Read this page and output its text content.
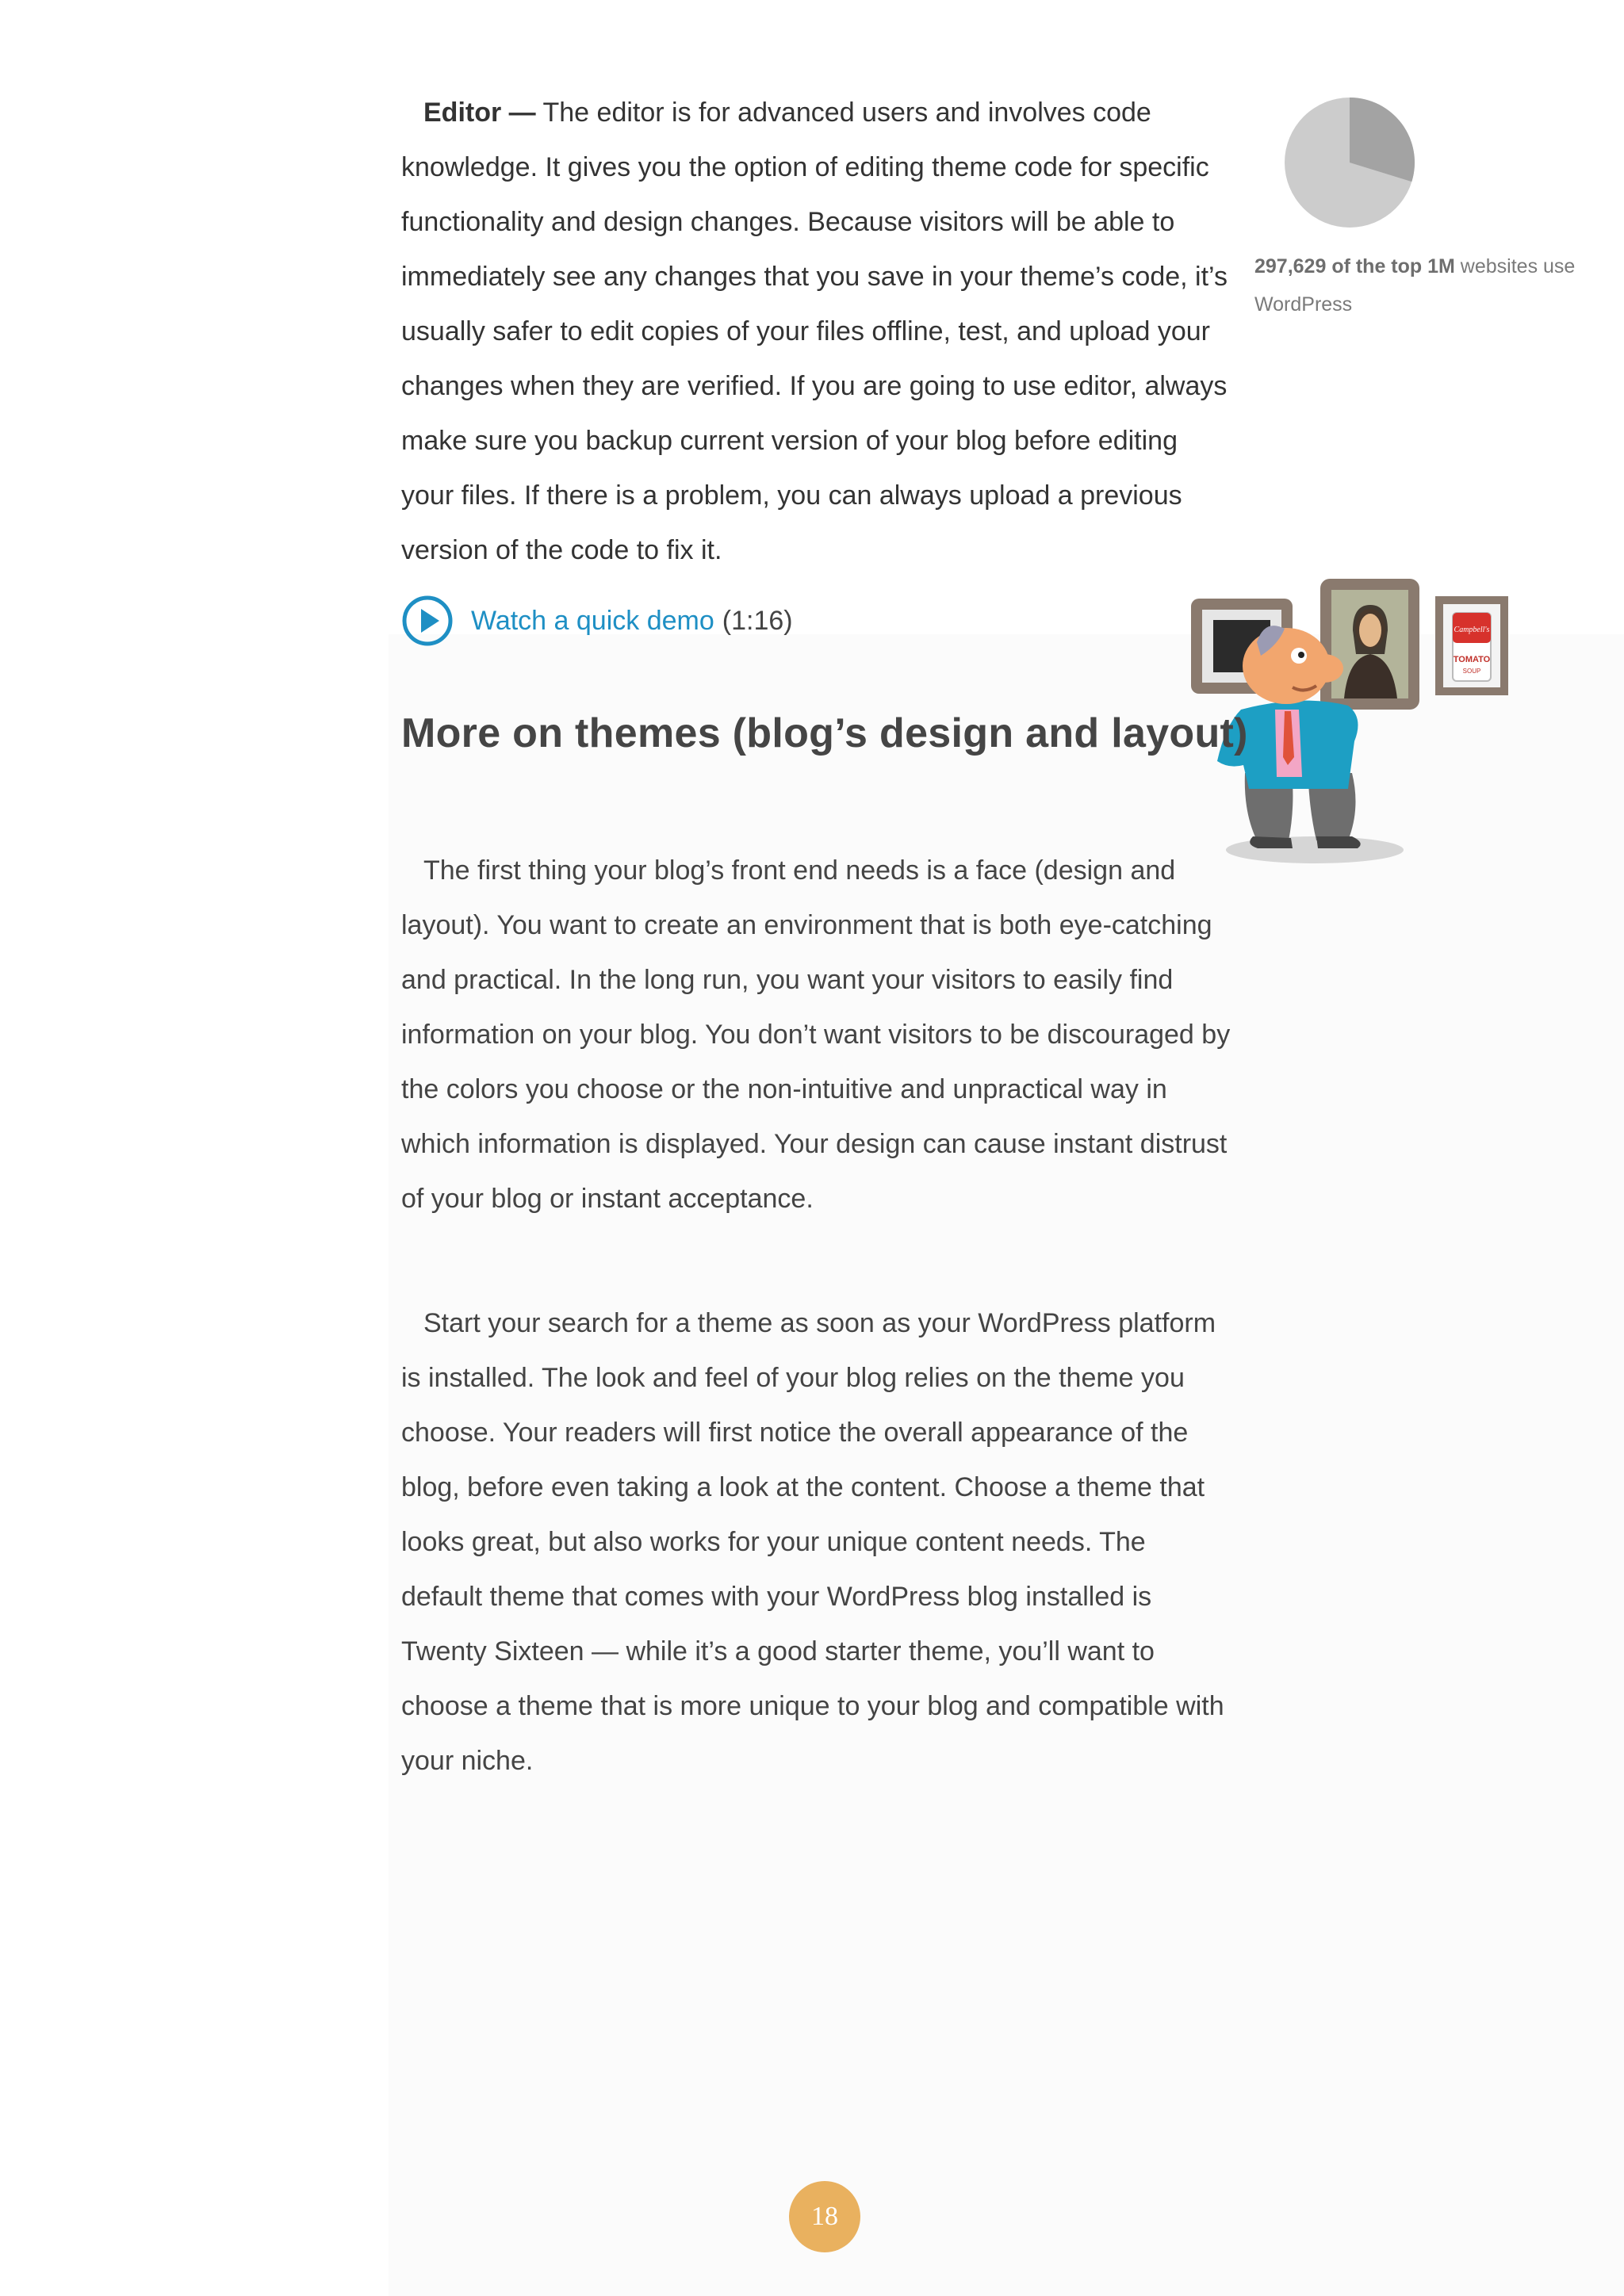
Editor — The editor is for advanced users and involves code knowledge. It gives you the option of editing theme code for specific functionality and design changes. Because visitors will be able to immediately see any changes that you save in your theme’s code, it’s usually safer to edit copies of your files offline, test, and upload your changes when they are verified. If you are going to use editor, always make sure you backup current version of your blog before editing your files. If there is a problem, you can always upload a previous version of the code to fix it.

297,629 of the top 1M websites use WordPress
Watch a quick demo (1:16)	Campbell's
TOMATO
SOUP
More on themes (blog’s design and layout)

The first thing your blog’s front end needs is a face (design and layout). You want to create an environment that is both eye-catching and practical. In the long run, you want your visitors to easily find information on your blog. You don’t want visitors to be discouraged by the colors you choose or the non-intuitive and unpractical way in which information is displayed. Your design can cause instant distrust of your blog or instant acceptance.

Start your search for a theme as soon as your WordPress platform is installed. The look and feel of your blog relies on the theme you choose. Your readers will first notice the overall appearance of the blog, before even taking a look at the content. Choose a theme that looks great, but also works for your unique content needs. The default theme that comes with your WordPress blog installed is Twenty Sixteen — while it’s a good starter theme, you’ll want to choose a theme that is more unique to your blog and compatible with your niche.

18
